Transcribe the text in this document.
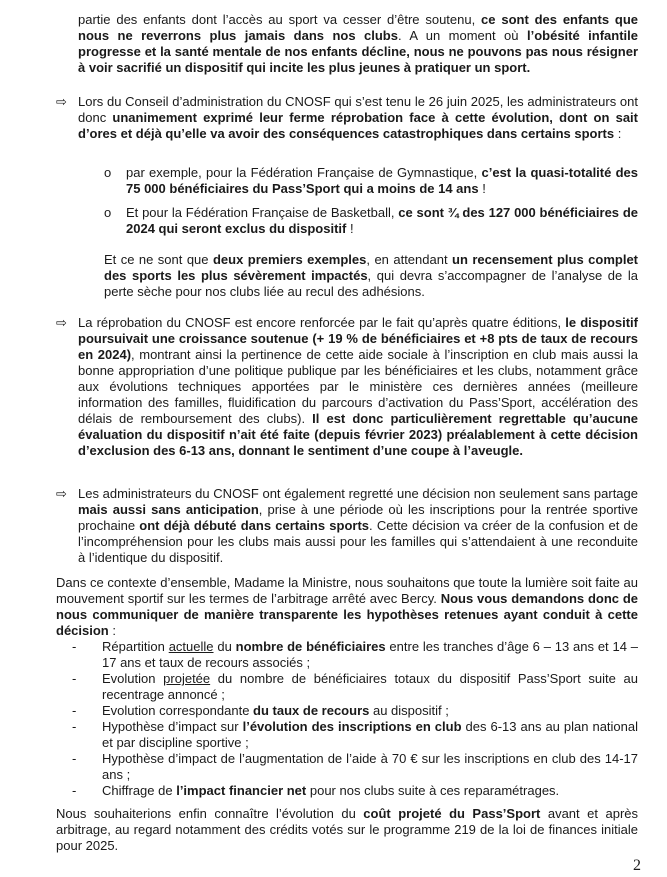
partie des enfants dont l’accès au sport va cesser d’être soutenu, ce sont des enfants que nous ne reverrons plus jamais dans nos clubs. A un moment où l’obésité infantile progresse et la santé mentale de nos enfants décline, nous ne pouvons pas nous résigner à voir sacrifié un dispositif qui incite les plus jeunes à pratiquer un sport.

⇨ Lors du Conseil d’administration du CNOSF qui s’est tenu le 26 juin 2025, les administrateurs ont donc unanimement exprimé leur ferme réprobation face à cette évolution, dont on sait d’ores et déjà qu’elle va avoir des conséquences catastrophiques dans certains sports :

o par exemple, pour la Fédération Française de Gymnastique, c’est la quasi-totalité des 75 000 bénéficiaires du Pass’Sport qui a moins de 14 ans !

o Et pour la Fédération Française de Basketball, ce sont ¾ des 127 000 bénéficiaires de 2024 qui seront exclus du dispositif !

Et ce ne sont que deux premiers exemples, en attendant un recensement plus complet des sports les plus sévèrement impactés, qui devra s’accompagner de l’analyse de la perte sèche pour nos clubs liée au recul des adhésions.

⇨ La réprobation du CNOSF est encore renforcée par le fait qu’après quatre éditions, le dispositif poursuivait une croissance soutenue (+ 19 % de bénéficiaires et +8 pts de taux de recours en 2024), montrant ainsi la pertinence de cette aide sociale à l’inscription en club mais aussi la bonne appropriation d’une politique publique par les bénéficiaires et les clubs, notamment grâce aux évolutions techniques apportées par le ministère ces dernières années (meilleure information des familles, fluidification du parcours d’activation du Pass’Sport, accélération des délais de remboursement des clubs). Il est donc particulièrement regrettable qu’aucune évaluation du dispositif n’ait été faite (depuis février 2023) préalablement à cette décision d’exclusion des 6-13 ans, donnant le sentiment d’une coupe à l’aveugle.

⇨ Les administrateurs du CNOSF ont également regretté une décision non seulement sans partage mais aussi sans anticipation, prise à une période où les inscriptions pour la rentrée sportive prochaine ont déjà débuté dans certains sports. Cette décision va créer de la confusion et de l’incompréhension pour les clubs mais aussi pour les familles qui s’attendaient à une reconduite à l’identique du dispositif.

Dans ce contexte d’ensemble, Madame la Ministre, nous souhaitons que toute la lumière soit faite au mouvement sportif sur les termes de l’arbitrage arrêté avec Bercy. Nous vous demandons donc de nous communiquer de manière transparente les hypothèses retenues ayant conduit à cette décision :

- Répartition actuelle du nombre de bénéficiaires entre les tranches d’âge 6 – 13 ans et 14 – 17 ans et taux de recours associés ;
- Evolution projetée du nombre de bénéficiaires totaux du dispositif Pass’Sport suite au recentrage annoncé ;
- Evolution correspondante du taux de recours au dispositif ;
- Hypothèse d’impact sur l’évolution des inscriptions en club des 6-13 ans au plan national et par discipline sportive ;
- Hypothèse d’impact de l’augmentation de l’aide à 70 € sur les inscriptions en club des 14-17 ans ;
- Chiffrage de l’impact financier net pour nos clubs suite à ces reparamétrages.

Nous souhaiterions enfin connaître l’évolution du coût projeté du Pass’Sport avant et après arbitrage, au regard notamment des crédits votés sur le programme 219 de la loi de finances initiale pour 2025.

2
